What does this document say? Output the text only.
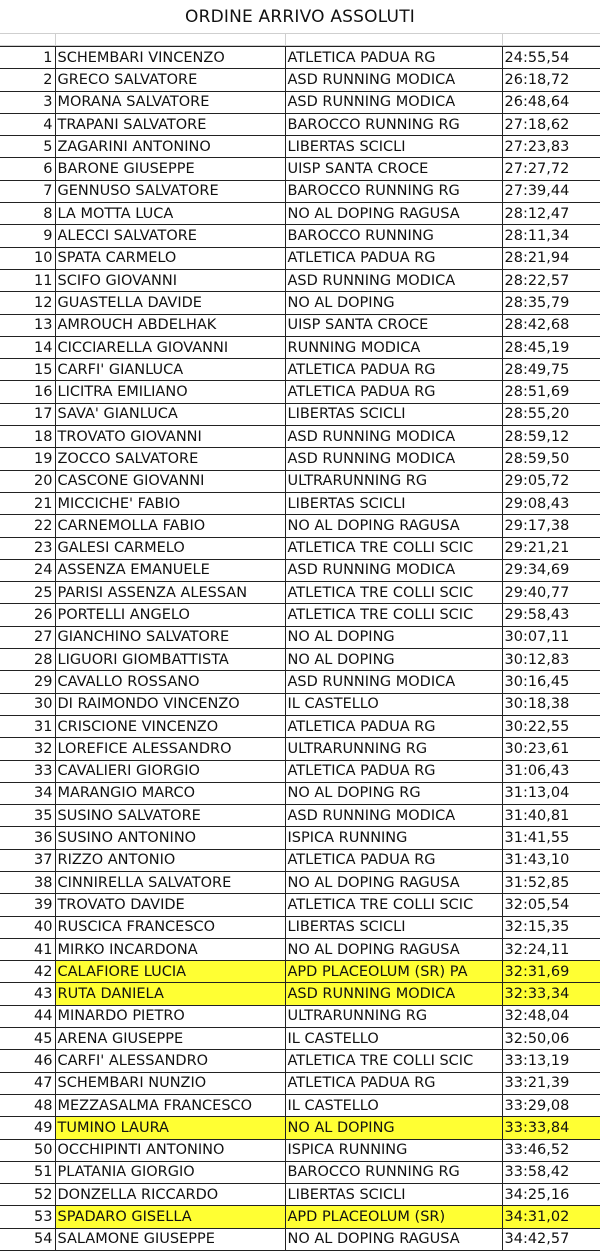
ORDINE ARRIVO ASSOLUTI
1	SCHEMBARI VINCENZO	ATLETICA PADUA RG	24:55,54
2	GRECO SALVATORE	ASD RUNNING MODICA	26:18,72
3	MORANA SALVATORE	ASD RUNNING MODICA	26:48,64
4	TRAPANI SALVATORE	BAROCCO RUNNING RG	27:18,62
5	ZAGARINI ANTONINO	LIBERTAS SCICLI	27:23,83
6	BARONE GIUSEPPE	UISP SANTA CROCE	27:27,72
7	GENNUSO SALVATORE	BAROCCO RUNNING RG	27:39,44
8	LA MOTTA LUCA	NO AL DOPING RAGUSA	28:12,47
9	ALECCI SALVATORE	BAROCCO RUNNING	28:11,34
10	SPATA CARMELO	ATLETICA PADUA RG	28:21,94
11	SCIFO GIOVANNI	ASD RUNNING MODICA	28:22,57
12	GUASTELLA DAVIDE	NO AL DOPING	28:35,79
13	AMROUCH ABDELHAK	UISP SANTA CROCE	28:42,68
14	CICCIARELLA GIOVANNI	RUNNING MODICA	28:45,19
15	CARFI' GIANLUCA	ATLETICA PADUA RG	28:49,75
16	LICITRA EMILIANO	ATLETICA PADUA RG	28:51,69
17	SAVA' GIANLUCA	LIBERTAS SCICLI	28:55,20
18	TROVATO GIOVANNI	ASD RUNNING MODICA	28:59,12
19	ZOCCO SALVATORE	ASD RUNNING MODICA	28:59,50
20	CASCONE GIOVANNI	ULTRARUNNING RG	29:05,72
21	MICCICHE' FABIO	LIBERTAS SCICLI	29:08,43
22	CARNEMOLLA FABIO	NO AL DOPING RAGUSA	29:17,38
23	GALESI CARMELO	ATLETICA TRE COLLI SCIC	29:21,21
24	ASSENZA EMANUELE	ASD RUNNING MODICA	29:34,69
25	PARISI ASSENZA ALESSAN	ATLETICA TRE COLLI SCIC	29:40,77
26	PORTELLI ANGELO	ATLETICA TRE COLLI SCIC	29:58,43
27	GIANCHINO SALVATORE	NO AL DOPING	30:07,11
28	LIGUORI GIOMBATTISTA	NO AL DOPING	30:12,83
29	CAVALLO ROSSANO	ASD RUNNING MODICA	30:16,45
30	DI RAIMONDO VINCENZO	IL CASTELLO	30:18,38
31	CRISCIONE VINCENZO	ATLETICA PADUA RG	30:22,55
32	LOREFICE ALESSANDRO	ULTRARUNNING RG	30:23,61
33	CAVALIERI GIORGIO	ATLETICA PADUA RG	31:06,43
34	MARANGIO MARCO	NO AL DOPING RG	31:13,04
35	SUSINO SALVATORE	ASD RUNNING MODICA	31:40,81
36	SUSINO ANTONINO	ISPICA RUNNING	31:41,55
37	RIZZO ANTONIO	ATLETICA PADUA RG	31:43,10
38	CINNIRELLA SALVATORE	NO AL DOPING RAGUSA	31:52,85
39	TROVATO DAVIDE	ATLETICA TRE COLLI SCIC	32:05,54
40	RUSCICA FRANCESCO	LIBERTAS SCICLI	32:15,35
41	MIRKO INCARDONA	NO AL DOPING RAGUSA	32:24,11
42	CALAFIORE LUCIA	APD PLACEOLUM (SR) PA	32:31,69
43	RUTA DANIELA	ASD RUNNING MODICA	32:33,34
44	MINARDO PIETRO	ULTRARUNNING RG	32:48,04
45	ARENA GIUSEPPE	IL CASTELLO	32:50,06
46	CARFI' ALESSANDRO	ATLETICA TRE COLLI SCIC	33:13,19
47	SCHEMBARI NUNZIO	ATLETICA PADUA RG	33:21,39
48	MEZZASALMA FRANCESCO	IL CASTELLO	33:29,08
49	TUMINO LAURA	NO AL DOPING	33:33,84
50	OCCHIPINTI ANTONINO	ISPICA RUNNING	33:46,52
51	PLATANIA GIORGIO	BAROCCO RUNNING RG	33:58,42
52	DONZELLA RICCARDO	LIBERTAS SCICLI	34:25,16
53	SPADARO GISELLA	APD PLACEOLUM (SR)	34:31,02
54	SALAMONE GIUSEPPE	NO AL DOPING RAGUSA	34:42,57
